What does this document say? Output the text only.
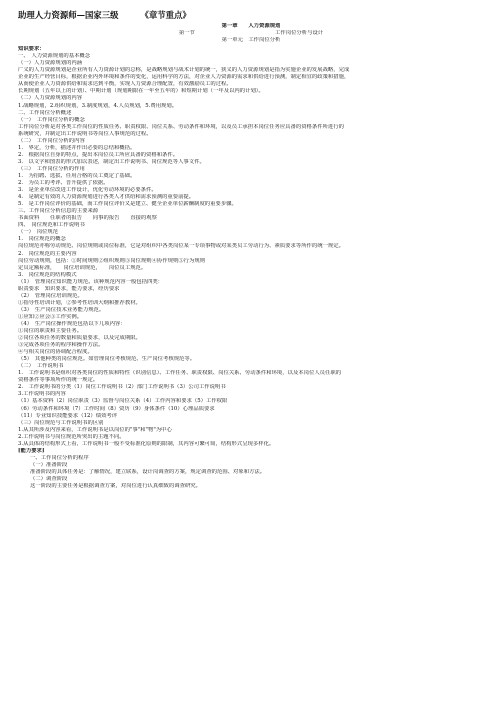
助理人力资源师—国家三级	《章节重点》
第一章　　人力资源规划
第一节　　　　　　　　　　　　　　　工作岗位分析与设计
第一单元　工作岗位分析
知识要求：
一、　人力资源规划的基本概念
（一）人力资源规划的内涵
广义的人力资源规划是企业所有人力资源计划的总称，是战略规划与战术计划的统一，狭义的人力资源规划是指为实施企业的发展战略，完成
企业的生产经营目标，根据企业内外环境和条件的变化，运用科学的方法，对企业人力资源的需求和供给进行预测，制定相宜的政策和措施，
从而使企业人力资源供给和需求达到平衡，实现人力资源合理配置，有效激励员工的过程。
长期规划（五年以上的计划）、中期计划（规划期限在一年至五年的）和短期计划（一年及以内的计划）。
（二）人力资源规划的内容
1.战略规划，2.组织规划，3.制度规划，4.人员规划，5.费用规划。
二、工作岗位分析概述
（一）　工作岗位分析的概念
工作岗位分析是对各类工作岗位的性质任务、职责权限、岗位关系、劳动条件和环境，以及员工承担本岗位任务应具备的资格条件所进行的
系统研究，并制定出工作说明书等岗位人事规范的过程。
（二）　工作岗位分析的内容
1.　界定，分析，描述并作出必要的总结和概括。
2.　根据岗位自身的特点，提出本岗位员工所应具备的资格和条件。
3.　以文字和图表的形式加以表述，制定出工作说明书、岗位规范等人事文件。
（三）　工作岗位分析的作用
1.　为招聘、选拔、任用合格的员工奠定了基础。
2.　为员工的考评、晋升提供了依据。
3.　是企业单位改进工作设计，优化劳动环境的必要条件。
4.　是制定有效的人力资源规划进行各类人才供给和需求预测的重要前提。
5.　是工作岗位评价的基础，而工作岗位评价又是建立、健全企业单位薪酬制度的重要步骤。
三、工作岗位分析信息的主要来源
书面资料　　任职者的报告　　同事的报告　　直接的观察
四、　岗位规范和工作说明书
（一）　岗位规范
1.　岗位规范的概念
岗位规范亦称劳动规范、岗位规则或岗位标准，它是对组织中各类岗位某一专项事物或对某类员工劳动行为、素质要求等所作的统一规定。
2.　岗位规范的主要内容
岗位劳动规则，包括：①时间规则②组织规则③岗位规则④协作规则⑤行为规则
定员定额标准，　　岗位培训规范，　　岗位员工规范。
3.　岗位规范的结构模式
（1）　管理岗位知识能力规范。该种规范内容一般包括四类：
职责要求　知识要求，能力要求，经历要求
（2）　管理岗位培训规范。
①指导性培训计划，②参考性培训大纲和推荐教材。
（3）　生产岗位技术业务能力规范。
①应知②应会③工作实例。
（4）　生产岗位操作规范包括以下几项内容：
①岗位的职责和主要任务。
②岗位各项任务的数量和质量要求，以及完成期限。
③完成各项任务的程序和操作方法。
④与相关岗位的协调配合程度。
（5）　其他种类的岗位规范。如管理岗位考核规范、生产岗位考核规范等。
（二）　工作说明书
1.　工作说明书是组织对各类岗位的性质和特性（识别信息）、工作任务、职责权限、岗位关系、劳动条件和环境，以及本岗位人员任职的
资格条件等事项所作的统一规定。
2.　工作说明书的分类（1）岗位工作说明书（2）部门工作说明书（3）公司工作说明书
3.工作说明书的内容
（1）基本资料（2）岗位职责（3）监督与岗位关系（4）工作内容和要求（5）工作权限
（6）劳动条件和环境（7）工作时间（8）资历（9）身体条件（10）心理品质要求
（11）专业知识技能要求（12）绩效考评
（三）岗位规范与工作说明书的区别
1.从其所涉及内容来看，工作说明书是以岗位的"事"和"物"为中心
2.工作说明书与岗位规范所突出的主题不同。
3.从具体的结构形式上看，工作说明书一般不受标准化原则的限制，其内容可繁可简，结构形式呈现多样化。
[能力要求]
一、工作岗位分析的程序
（一）准备阶段
准备阶段的具体任务是：了解情况，建立联系，设计岗调查的方案，规定调查的范围、对象和方法。
（二）调查阶段
这一阶段的主要任务是根据调查方案，对岗位进行认真细致的调查研究。
